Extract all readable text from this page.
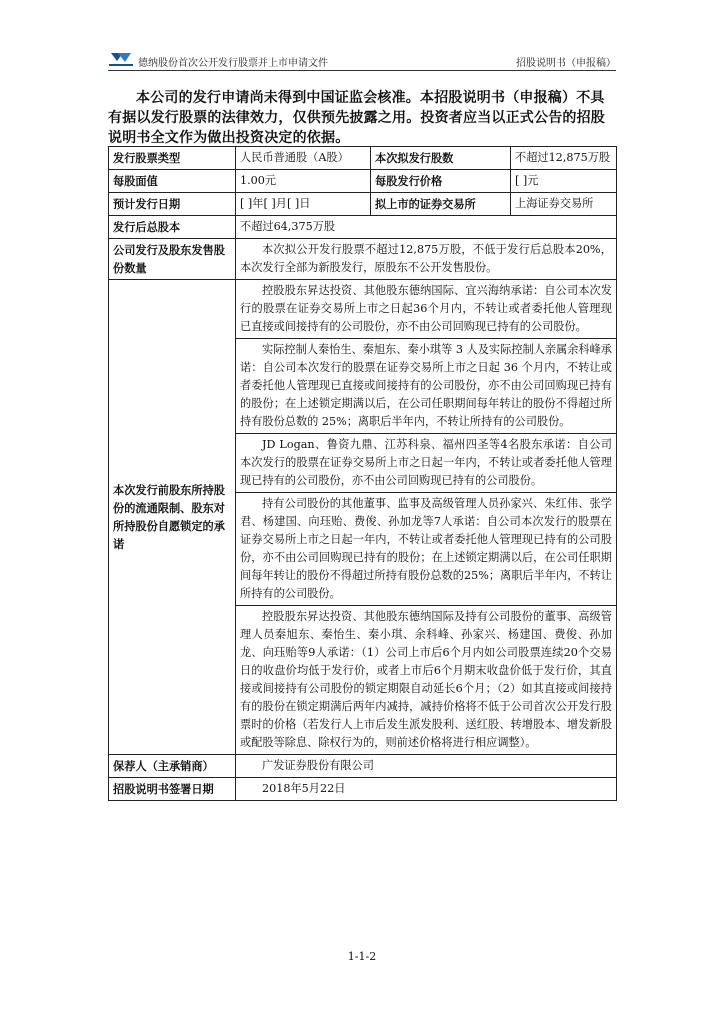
德纳股份首次公开发行股票并上市申请文件	招股说明书（申报稿）
本公司的发行申请尚未得到中国证监会核准。本招股说明书（申报稿）不具有据以发行股票的法律效力，仅供预先披露之用。投资者应当以正式公告的招股说明书全文作为做出投资决定的依据。
发行股票类型	人民币普通股（A股）	本次拟发行股数	不超过12,875万股
每股面值	1.00元	每股发行价格	[ ]元
预计发行日期	[ ]年[ ]月[ ]日	拟上市的证券交易所	上海证券交易所
发行后总股本	不超过64,375万股		
公司发行及股东发售股份数量	本次拟公开发行股票不超过12,875万股，不低于发行后总股本20%，本次发行全部为新股发行，原股东不公开发售股份。		
本次发行前股东所持股份的流通限制、股东对所持股份自愿锁定的承诺	控股股东昇达投资、其他股东德纳国际、宜兴海纳承诺：自公司本次发行的股票在证券交易所上市之日起36个月内，不转让或者委托他人管理现已直接或间接持有的公司股份，亦不由公司回购现已持有的公司股份。		
	实际控制人秦怡生、秦旭东、秦小琪等 3 人及实际控制人亲属余科峰承诺：自公司本次发行的股票在证券交易所上市之日起 36 个月内，不转让或者委托他人管理现已直接或间接持有的公司股份，亦不由公司回购现已持有的股份；在上述锁定期满以后，在公司任职期间每年转让的股份不得超过所持有股份总数的 25%；离职后半年内，不转让所持有的公司股份。		
	JD Logan、鲁资九鼎、江苏科泉、福州四圣等4名股东承诺：自公司本次发行的股票在证券交易所上市之日起一年内，不转让或者委托他人管理现已持有的公司股份，亦不由公司回购现已持有的公司股份。		
	持有公司股份的其他董事、监事及高级管理人员孙家兴、朱红伟、张学君、杨建国、向珏贻、费俊、孙加龙等7人承诺：自公司本次发行的股票在证券交易所上市之日起一年内，不转让或者委托他人管理现已持有的公司股份，亦不由公司回购现已持有的股份；在上述锁定期满以后，在公司任职期间每年转让的股份不得超过所持有股份总数的25%；离职后半年内，不转让所持有的公司股份。		
	控股股东昇达投资、其他股东德纳国际及持有公司股份的董事、高级管理人员秦旭东、秦怡生、秦小琪、余科峰、孙家兴、杨建国、费俊、孙加龙、向珏贻等9人承诺：（1）公司上市后6个月内如公司股票连续20个交易日的收盘价均低于发行价，或者上市后6个月期末收盘价低于发行价，其直接或间接持有公司股份的锁定期限自动延长6个月；（2）如其直接或间接持有的股份在锁定期满后两年内减持，减持价格将不低于公司首次公开发行股票时的价格（若发行人上市后发生派发股利、送红股、转增股本、增发新股或配股等除息、除权行为的，则前述价格将进行相应调整）。		
保荐人（主承销商）	广发证券股份有限公司		
招股说明书签署日期	2018年5月22日		
1-1-2
